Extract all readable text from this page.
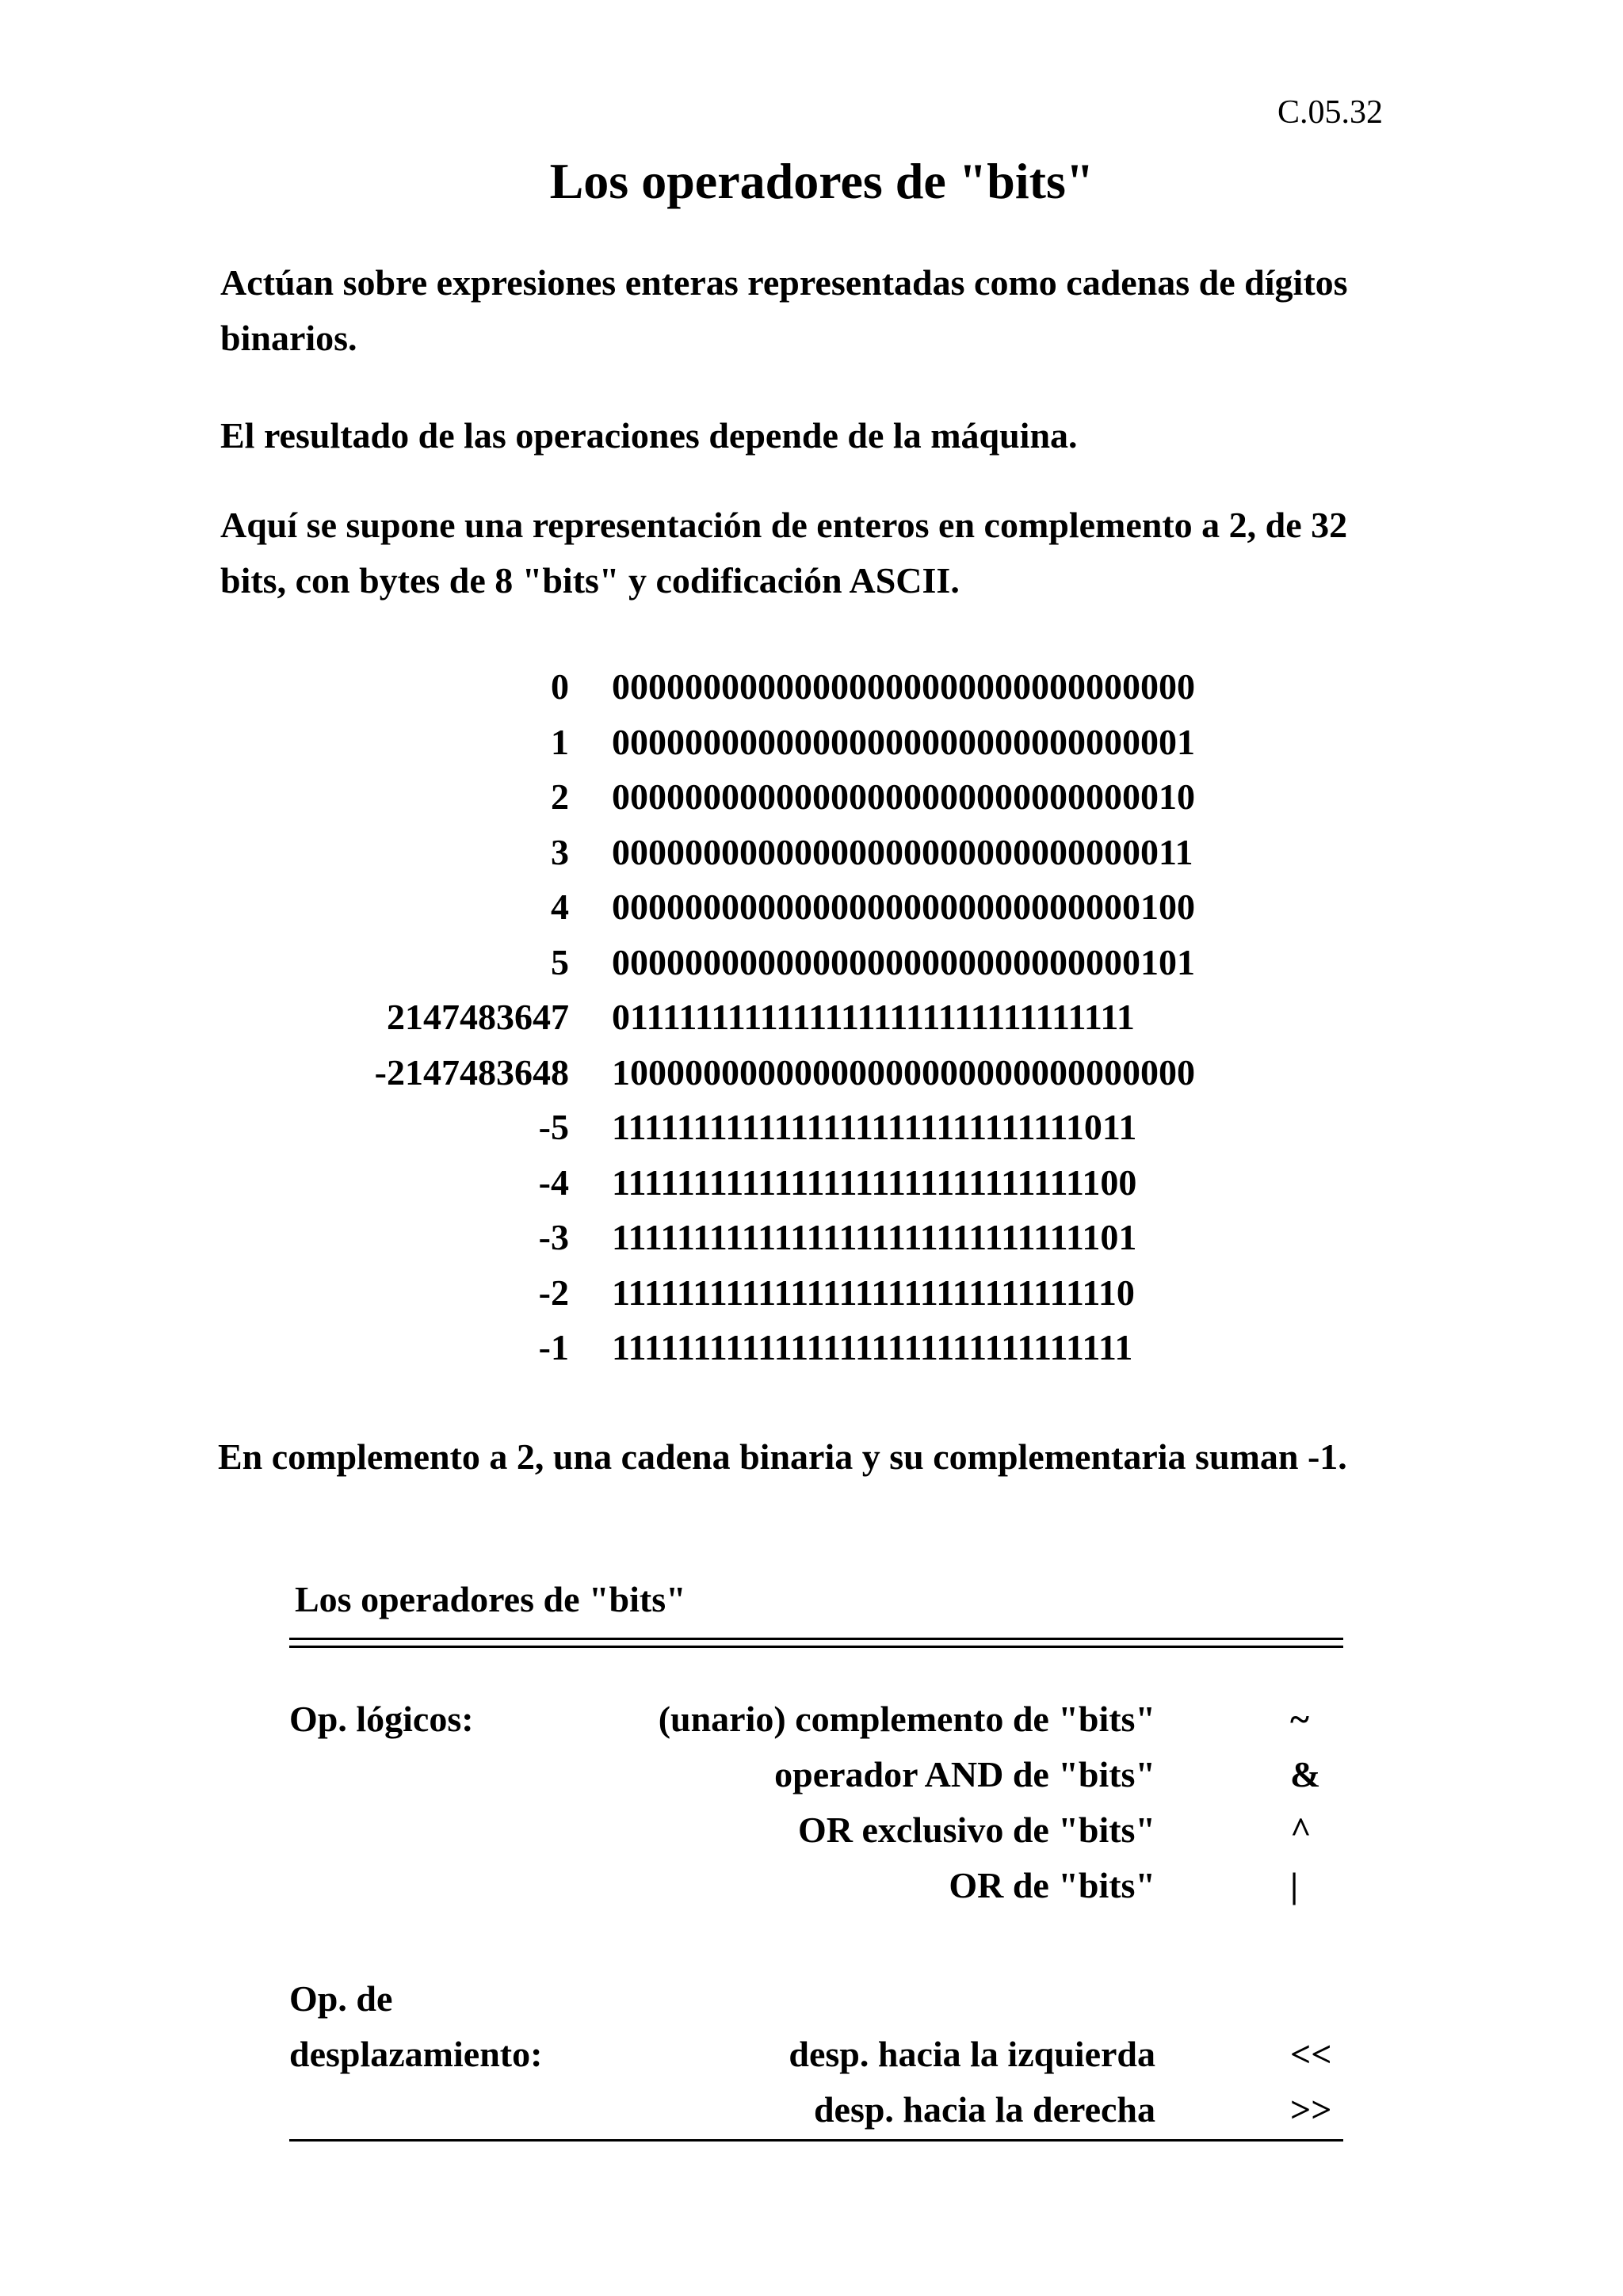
C.05.32
Los operadores de "bits"
Actúan sobre expresiones enteras representadas como cadenas de dígitos binarios.
El resultado de las operaciones depende de la máquina.
Aquí se supone una representación de enteros en complemento a 2, de 32 bits, con bytes de 8 "bits" y codificación ASCII.
0 00000000000000000000000000000000
1 00000000000000000000000000000001
2 00000000000000000000000000000010
3 00000000000000000000000000000011
4 00000000000000000000000000000100
5 00000000000000000000000000000101
2147483647 01111111111111111111111111111111
-2147483648 10000000000000000000000000000000
-5 11111111111111111111111111111011
-4 11111111111111111111111111111100
-3 11111111111111111111111111111101
-2 11111111111111111111111111111110
-1 11111111111111111111111111111111
En complemento a 2, una cadena binaria y su complementaria suman -1.
Los operadores de "bits"
Op. lógicos:	(unario) complemento de "bits"	~
operador AND de "bits"	&
OR exclusivo de "bits"	^
OR de "bits"	|
Op. de
desplazamiento:	desp. hacia la izquierda	<<
desp. hacia la derecha	>>
